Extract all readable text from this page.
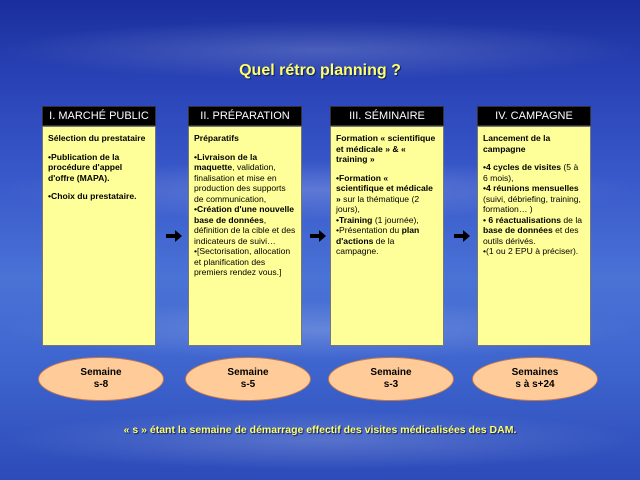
Quel rétro planning ?
I. MARCHÉ PUBLIC

Sélection du prestataire

•Publication de la procédure d'appel d'offre (MAPA).

•Choix du prestataire.

II. PRÉPARATION

Préparatifs

•Livraison de la maquette, validation, finalisation et mise en production des supports de communication,
•Création d'une nouvelle base de données, définition de la cible et des indicateurs de suivi…
•[Sectorisation, allocation et planification des premiers rendez vous.]

III. SÉMINAIRE

Formation « scientifique et médicale » & « training »

•Formation « scientifique et médicale » sur la thématique (2 jours),
•Training (1 journée),
•Présentation du plan d'actions de la campagne.

IV. CAMPAGNE

Lancement de la campagne

•4 cycles de visites (5 à 6 mois),
•4 réunions mensuelles (suivi, débriefing, training, formation… )
• 6 réactualisations de la base de données et des outils dérivés.
•(1 ou 2 EPU à préciser).

Semaine
s-8
Semaine
s-5
Semaine
s-3
Semaines
s à s+24
« s » étant la semaine de démarrage effectif des visites médicalisées des DAM.
